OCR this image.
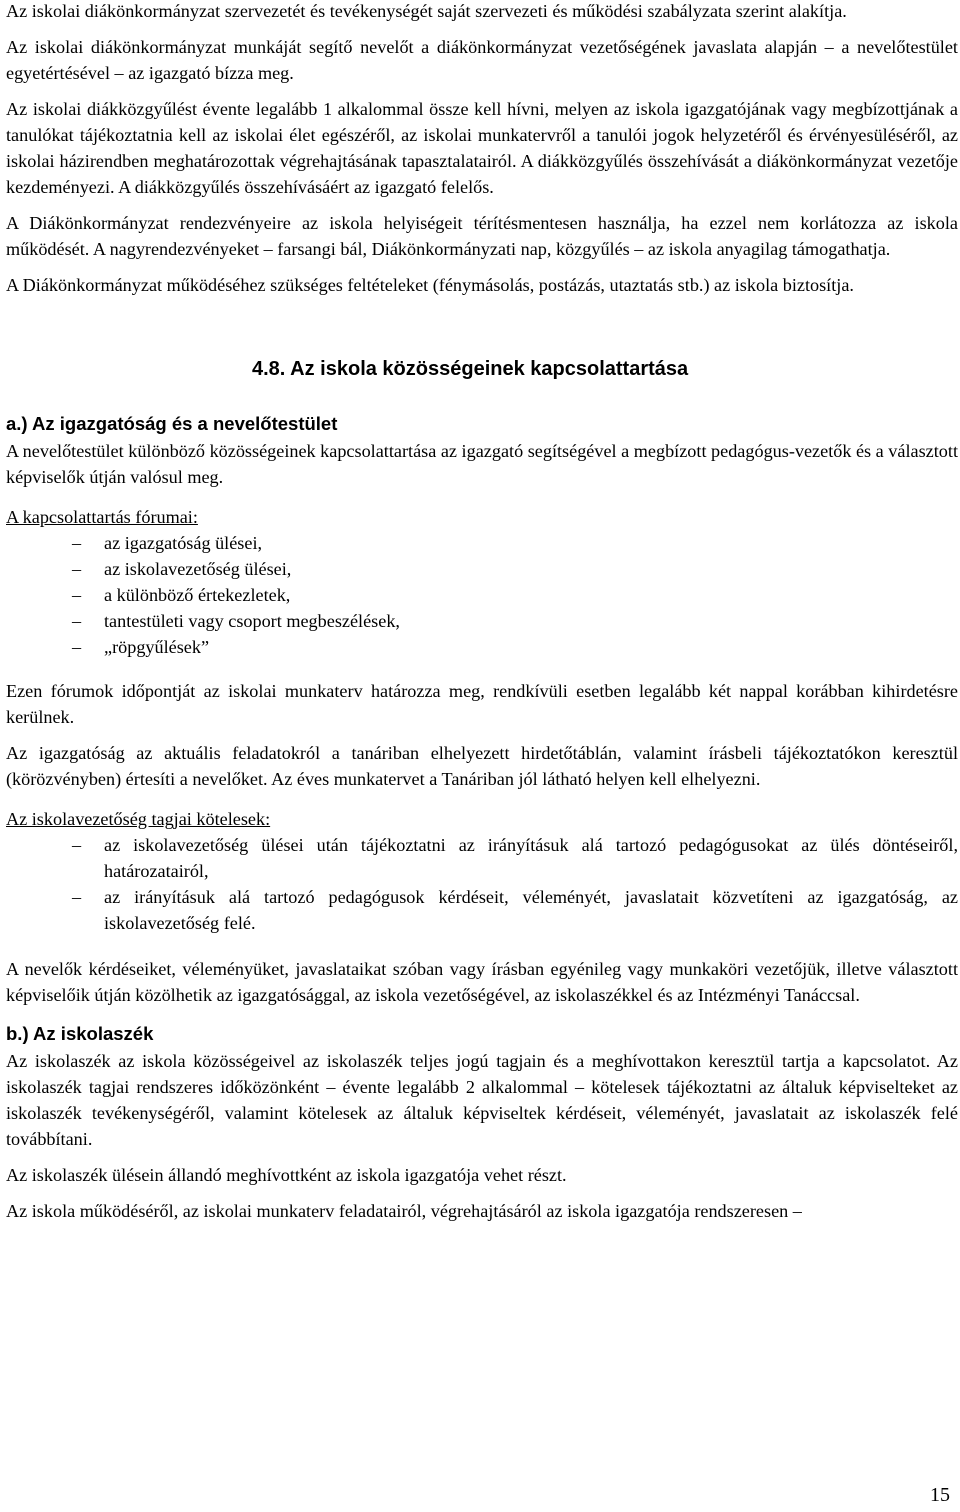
Az iskolai diákönkormányzat szervezetét és tevékenységét saját szervezeti és működési szabályzata szerint alakítja.

Az iskolai diákönkormányzat munkáját segítő nevelőt a diákönkormányzat vezetőségének javaslata alapján – a nevelőtestület egyetértésével – az igazgató bízza meg.

Az iskolai diákközgyűlést évente legalább 1 alkalommal össze kell hívni, melyen az iskola igazgatójának vagy megbízottjának a tanulókat tájékoztatnia kell az iskolai élet egészéről, az iskolai munkatervről a tanulói jogok helyzetéről és érvényesüléséről, az iskolai házirendben meghatározottak végrehajtásának tapasztalatairól. A diákközgyűlés összehívását a diákönkormányzat vezetője kezdeményezi. A diákközgyűlés összehívásáért az igazgató felelős.

A Diákönkormányzat rendezvényeire az iskola helyiségeit térítésmentesen használja, ha ezzel nem korlátozza az iskola működését. A nagyrendezvényeket – farsangi bál, Diákönkormányzati nap, közgyűlés – az iskola anyagilag támogathatja.

A Diákönkormányzat működéséhez szükséges feltételeket (fénymásolás, postázás, utaztatás stb.) az iskola biztosítja.

4.8. Az iskola közösségeinek kapcsolattartása
a.) Az igazgatóság és a nevelőtestület

A nevelőtestület különböző közösségeinek kapcsolattartása az igazgató segítségével a megbízott pedagógus-vezetők és a választott képviselők útján valósul meg.

A kapcsolattartás fórumai:

– az igazgatóság ülései,
– az iskolavezetőség ülései,
– a különböző értekezletek,
– tantestületi vagy csoport megbeszélések,
– „röpgyűlések”

Ezen fórumok időpontját az iskolai munkaterv határozza meg, rendkívüli esetben legalább két nappal korábban kihirdetésre kerülnek.

Az igazgatóság az aktuális feladatokról a tanáriban elhelyezett hirdetőtáblán, valamint írásbeli tájékoztatókon keresztül (körözvényben) értesíti a nevelőket. Az éves munkatervet a Tanáriban jól látható helyen kell elhelyezni.

Az iskolavezetőség tagjai kötelesek:

– az iskolavezetőség ülései után tájékoztatni az irányításuk alá tartozó pedagógusokat az ülés döntéseiről, határozatairól,
– az irányításuk alá tartozó pedagógusok kérdéseit, véleményét, javaslatait közvetíteni az igazgatóság, az iskolavezetőség felé.

A nevelők kérdéseiket, véleményüket, javaslataikat szóban vagy írásban egyénileg vagy munkaköri vezetőjük, illetve választott képviselőik útján közölhetik az igazgatósággal, az iskola vezetőségével, az iskolaszékkel és az Intézményi Tanáccsal.

b.) Az iskolaszék

Az iskolaszék az iskola közösségeivel az iskolaszék teljes jogú tagjain és a meghívottakon keresztül tartja a kapcsolatot. Az iskolaszék tagjai rendszeres időközönként – évente legalább 2 alkalommal – kötelesek tájékoztatni az általuk képviselteket az iskolaszék tevékenységéről, valamint kötelesek az általuk képviseltek kérdéseit, véleményét, javaslatait az iskolaszék felé továbbítani.

Az iskolaszék ülésein állandó meghívottként az iskola igazgatója vehet részt.

Az iskola működéséről, az iskolai munkaterv feladatairól, végrehajtásáról az iskola igazgatója rendszeresen –

15
